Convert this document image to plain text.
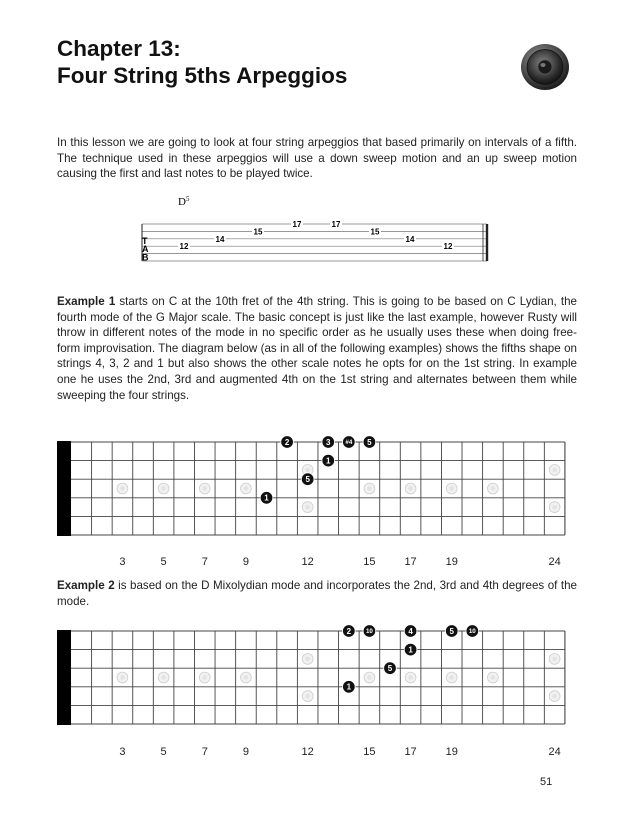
Chapter 13:
Four String 5ths Arpeggios

In this lesson we are going to look at four string arpeggios that based primarily on intervals of a fifth. The technique used in these arpeggios will use a down sweep motion and an up sweep motion causing the first and last notes to be played twice.

$D^5$
T
A
B
12
14
15
17	17
15
14
12

Example 1 starts on C at the 10th fret of the 4th string. This is going to be based on C Lydian, the fourth mode of the G Major scale. The basic concept is just like the last example, however Rusty will throw in different notes of the mode in no specific order as he usually uses these when doing free-form improvisation. The diagram below (as in all of the following examples) shows the fifths shape on strings 4, 3, 2 and 1 but also shows the other scale notes he opts for on the 1st string. In example one he uses the 2nd, 3rd and augmented 4th on the 1st string and alternates between them while sweeping the four strings.

2	3 #4 5
1
5
1
3	5	7	9	12	15	17	19	24

Example 2 is based on the D Mixolydian mode and incorporates the 2nd, 3rd and 4th degrees of the mode.

2 10	4	5 10
1
5
1
3	5	7	9	12	15	17	19	24
51
